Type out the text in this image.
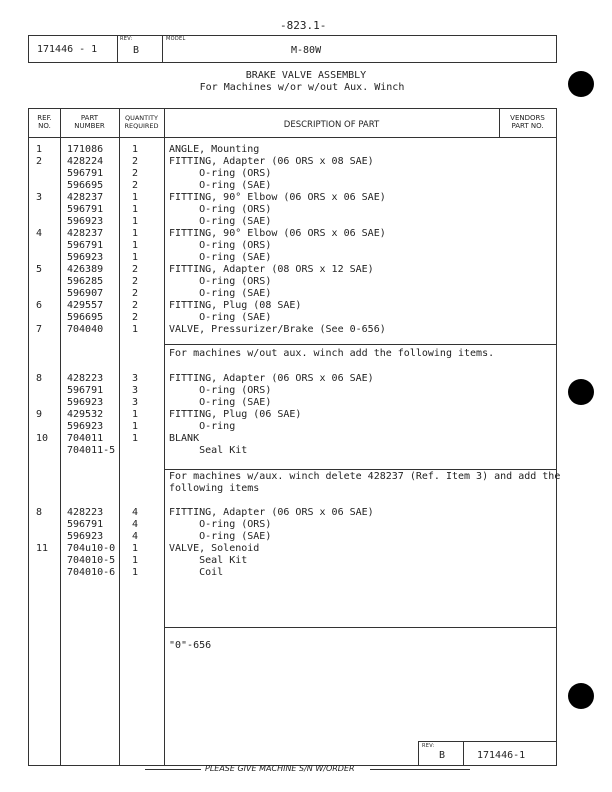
-823.1-
171446 - 1
REV:
B
MODEL
M-80W
BRAKE VALVE ASSEMBLY
For Machines w/or w/out Aux. Winch
REF.
NO.
PART
NUMBER
QUANTITY
REQUIRED	DESCRIPTION OF PART
VENDORS
PART NO.
1 171086	1	ANGLE, Mounting
2 428224	2	FITTING, Adapter (06 ORS x 08 SAE)
596791	2	O-ring (ORS)
596695	2	O-ring (SAE)
3 428237	1	FITTING, 90° Elbow (06 ORS x 06 SAE)
596791	1	O-ring (ORS)
596923	1	O-ring (SAE)
4 428237	1	FITTING, 90° Elbow (06 ORS x 06 SAE)
596791	1	O-ring (ORS)
596923	1	O-ring (SAE)
5 426389	2	FITTING, Adapter (08 ORS x 12 SAE)
596285	2	O-ring (ORS)
596907	2	O-ring (SAE)
6 429557	2	FITTING, Plug (08 SAE)
596695	2	O-ring (SAE)
7 704040	1	VALVE, Pressurizer/Brake (See 0-656)
8 428223	3	FITTING, Adapter (06 ORS x 06 SAE)
596791	3	O-ring (ORS)
596923	3	O-ring (SAE)
9 429532	1	FITTING, Plug (06 SAE)
596923	1	O-ring
10 704011	1	BLANK
704011-5	Seal Kit
8 428223	4	FITTING, Adapter (06 ORS x 06 SAE)
596791	4	O-ring (ORS)
596923	4	O-ring (SAE)
11 704u10-0 1	VALVE, Solenoid
704010-5 1	Seal Kit
704010-6 1	Coil
For machines w/out aux. winch add the following items.
For machines w/aux. winch delete 428237 (Ref. Item 3) and add the
following items
"0"-656
REV:
B	171446-1
PLEASE GIVE MACHINE S/N W/ORDER
